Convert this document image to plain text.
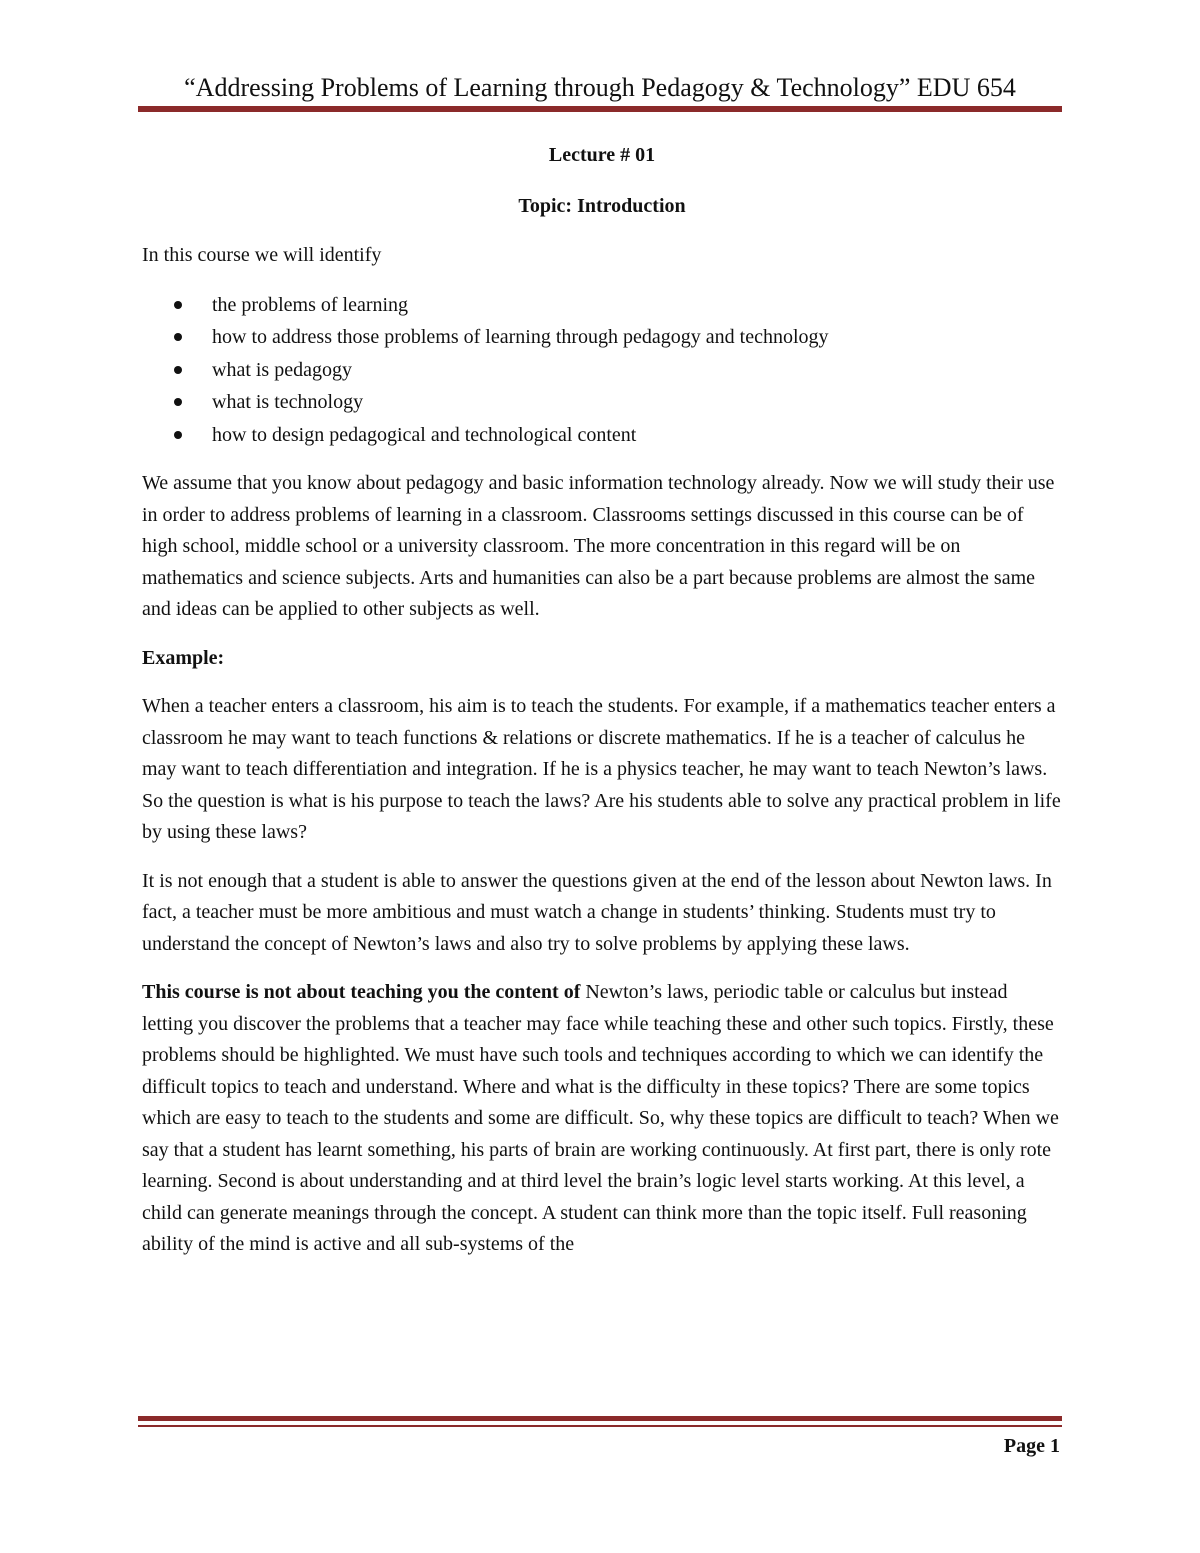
“Addressing Problems of Learning through Pedagogy & Technology” EDU 654

Lecture # 01

Topic: Introduction

In this course we will identify

the problems of learning
how to address those problems of learning through pedagogy and technology
what is pedagogy
what is technology
how to design pedagogical and technological content

We assume that you know about pedagogy and basic information technology already. Now we will study their use in order to address problems of learning in a classroom. Classrooms settings discussed in this course can be of high school, middle school or a university classroom. The more concentration in this regard will be on mathematics and science subjects. Arts and humanities can also be a part because problems are almost the same and ideas can be applied to other subjects as well.

Example:

When a teacher enters a classroom, his aim is to teach the students. For example, if a mathematics teacher enters a classroom he may want to teach functions & relations or discrete mathematics. If he is a teacher of calculus he may want to teach differentiation and integration. If he is a physics teacher, he may want to teach Newton’s laws. So the question is what is his purpose to teach the laws? Are his students able to solve any practical problem in life by using these laws?

It is not enough that a student is able to answer the questions given at the end of the lesson about Newton laws. In fact, a teacher must be more ambitious and must watch a change in students’ thinking. Students must try to understand the concept of Newton’s laws and also try to solve problems by applying these laws.

This course is not about teaching you the content of Newton’s laws, periodic table or calculus but instead letting you discover the problems that a teacher may face while teaching these and other such topics. Firstly, these problems should be highlighted. We must have such tools and techniques according to which we can identify the difficult topics to teach and understand. Where and what is the difficulty in these topics? There are some topics which are easy to teach to the students and some are difficult. So, why these topics are difficult to teach? When we say that a student has learnt something, his parts of brain are working continuously. At first part, there is only rote learning. Second is about understanding and at third level the brain’s logic level starts working. At this level, a child can generate meanings through the concept. A student can think more than the topic itself. Full reasoning ability of the mind is active and all sub-systems of the

Page 1
